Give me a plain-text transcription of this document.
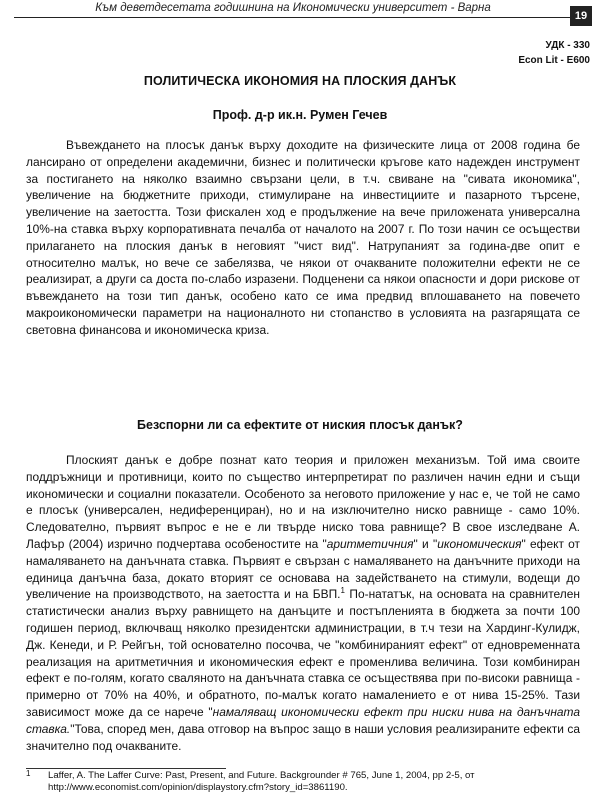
Към деветдесетата годишнина на Икономически университет - Варна
19
УДК - 330
Econ Lit - E600
ПОЛИТИЧЕСКА ИКОНОМИЯ НА ПЛОСКИЯ ДАНЪК
Проф. д-р ик.н. Румен Гечев

Въвеждането на плосък данък върху доходите на физическите лица от 2008 година бе лансирано от определени академични, бизнес и политически кръгове като надежден инструмент за постигането на няколко взаимно свързани цели, в т.ч. свиване на "сивата икономика", увеличение на бюджетните приходи, стимулиране на инвестициите и пазарното търсене, увеличение на заетостта. Този фискален ход е продължение на вече приложената универсална 10%-на ставка върху корпоративната печалба от началото на 2007 г. По този начин се осъществи прилагането на плоския данък в неговият "чист вид". Натрупаният за година-две опит е относително малък, но вече се забелязва, че някои от очакваните положителни ефекти не се реализират, а други са доста по-слабо изразени. Подценени са някои опасности и дори рискове от въвеждането на този тип данък, особено като се има предвид вплошаването на повечето макроикономически параметри на националното ни стопанство в условията на разгарящата се световна финансова и икономическа криза.

Безспорни ли са ефектите от ниския плосък данък?

Плоският данък е добре познат като теория и приложен механизъм. Той има своите поддръжници и противници, които по същество интерпретират по различен начин едни и същи икономически и социални показатели. Особеното за неговото приложение у нас е, че той не само е плосък (универсален, недиференциран), но и на изключително ниско равнище - само 10%. Следователно, първият въпрос е не е ли твърде ниско това равнище? В свое изследване А. Лафър (2004) изрично подчертава особеностите на "аритметичния" и "икономическия" ефект от намаляването на данъчната ставка. Първият е свързан с намаляването на данъчните приходи на единица данъчна база, докато вторият се основава на задействането на стимули, водещи до увеличение на производството, на заетостта и на БВП.$^1$ По-нататък, на основата на сравнителен статистически анализ върху равнището на данъците и постъпленията в бюджета за почти 100 годишен период, включващ няколко президентски администрации, в т.ч тези на Хардинг-Кулидж, Дж. Кенеди, и Р. Рейгън, той основателно посочва, че "комбинираният ефект" от едновременната реализация на аритметичния и икономическия ефект е променлива величина. Този комбиниран ефект е по-голям, когато сваляното на данъчната ставка се осъществява при по-високи равнища - примерно от 70% на 40%, и обратното, по-малък когато намалението е от нива 15-25%. Тази зависимост може да се нарече "намаляващ икономически ефект при ниски нива на данъчната ставка."Това, според мен, дава отговор на въпрос защо в наши условия реализираните ефекти са значително под очакваните.

1	Laffer, A. The Laffer Curve: Past, Present, and Future. Backgrounder # 765, June 1, 2004, pp 2-5, от http://www.economist.com/opinion/displaystory.cfm?story_id=3861190.
